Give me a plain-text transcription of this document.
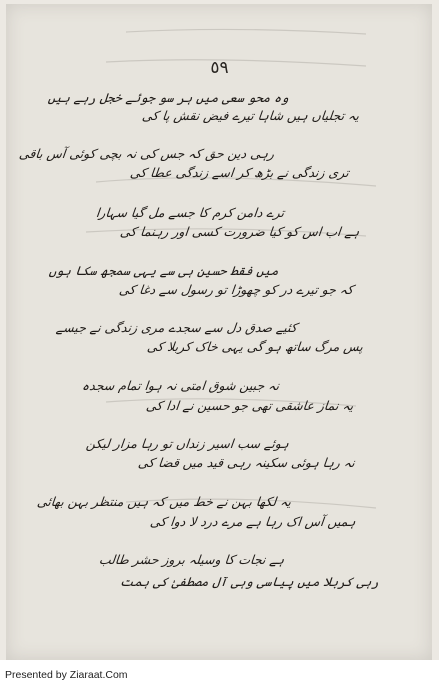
٥٩
وہ محو سعی میں ہر سو جوئے خجل رہے ہیں
یہ تجلیاں ہیں شاہا تیرے فیض نقش پا کی
رہی دین حق کہ جس کی نہ بچی کوئی آس باقی
تری زندگی نے بڑھ کر اسے زندگی عطا کی
ترے دامن کرم کا جسے مل گیا سہارا
ہے اب اس کو کیا ضرورت کسی اور رہنما کی
میں فقط حسین ہی سے یہی سمجھ سکا ہوں
کہ جو تیرے در کو چھوڑا تو رسول سے دغا کی
کئیے صدق دل سے سجدے مری زندگی نے جیسے
پس مرگ ساتھ ہو گی یہی خاک کربلا کی
نہ جبین شوق امتی نہ ہوا تمام سجدہ
یہ نماز عاشقی تھی جو حسین نے ادا کی
ہوئے سب اسیر زنداں تو رہا مزار لیکن
نہ رہا ہوئی سکینہ رہی قید میں قضا کی
یہ لکھا بہن نے خط میں کہ ہیں منتظر بہن بھائی
ہمیں آس اک رہا ہے مرے درد لا دوا کی
ہے نجات کا وسیلہ بروز حشر طالب
رہی کربلا میں پیاسی وہی آل مصطفیٰ کی ہمت
Presented by Ziaraat.Com
